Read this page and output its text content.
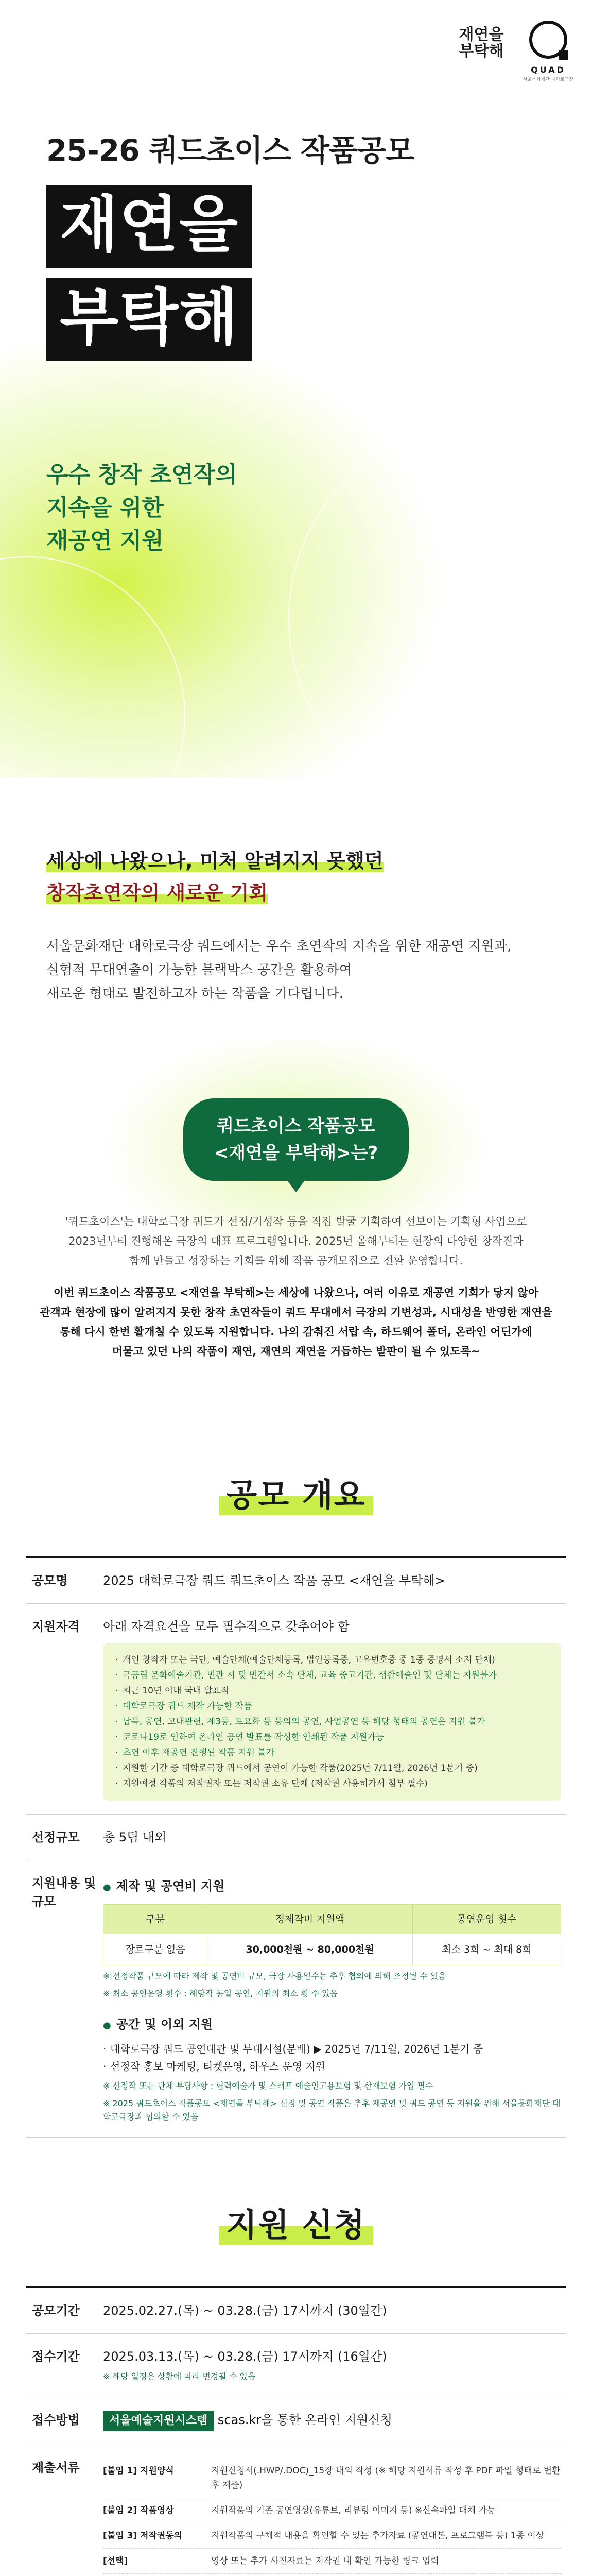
재연을
부탁해
QUAD
서울문화재단 대학로극장
25-26 쿼드초이스 작품공모
재연을
부탁해
우수 창작 초연작의
지속을 위한
재공연 지원
세상에 나왔으나, 미처 알려지지 못했던
창작초연작의 새로운 기회
서울문화재단 대학로극장 쿼드에서는 우수 초연작의 지속을 위한 재공연 지원과,
실험적 무대연출이 가능한 블랙박스 공간을 활용하여
새로운 형태로 발전하고자 하는 작품을 기다립니다.
쿼드초이스 작품공모
<재연을 부탁해>는?
'쿼드초이스'는 대학로극장 쿼드가 선정/기성작 등을 직접 발굴 기획하여 선보이는 기획형 사업으로
2023년부터 진행해온 극장의 대표 프로그램입니다. 2025년 올해부터는 현장의 다양한 창작진과
함께 만들고 성장하는 기회를 위해 작품 공개모집으로 전환 운영합니다.
이번 쿼드초이스 작품공모 <재연을 부탁해>는 세상에 나왔으나, 여러 이유로 재공연 기회가 닿지 않아
관객과 현장에 많이 알려지지 못한 창작 초연작들이 쿼드 무대에서 극장의 기변성과, 시대성을 반영한 재연을
통해 다시 한번 활개칠 수 있도록 지원합니다. 나의 감춰진 서랍 속, 하드웨어 폴더, 온라인 어딘가에
머물고 있던 나의 작품이 재연, 재연의 재연을 거듭하는 발판이 될 수 있도록~
공모 개요
공모명	2025 대학로극장 쿼드 쿼드초이스 작품 공모 <재연을 부탁해>
지원자격	아래 자격요건을 모두 필수적으로 갖추어야 함
· 개인 창작자 또는 극단, 예술단체(예술단체등록, 법인등록증, 고유번호증 중 1종 증명서 소지 단체)
· 국공립 문화예술기관, 민관 시 및 민간서 소속 단체, 교육 중고기관, 생활예술인 및 단체는 지원불가
· 최근 10년 이내 국내 발표작
· 대학로극장 쿼드 재작 가능한 작품
· 납득, 공연, 고내관련, 제3등, 토요화 등 등의의 공연, 사업공연 등 해당 형태의 공연은 지원 불가
· 코로나19로 인하여 온라인 공연 발표를 작성한 인쇄된 작품 지원가능
· 초연 이후 재공연 진행된 작품 지원 불가
· 지원한 기간 중 대학로극장 쿼드에서 공연이 가능한 작품(2025년 7/11월, 2026년 1분기 중)
· 지원예정 작품의 저작권자 또는 저작권 소유 단체 (저작권 사용허가서 첨부 필수)
선정규모	총 5팀 내외
지원내용 및 규모
● 제작 및 공연비 지원
구분	정제작비 지원액	공연운영 횟수
장르구분 없음	30,000천원 ~ 80,000천원	최소 3회 ~ 최대 8회
※ 선정작품 규모에 따라 제작 및 공연비 규모, 극장 사용일수는 추후 협의에 의해 조정될 수 있음
※ 최소 공연운영 횟수 : 해당작 동일 공연, 지원의 최소 횟 수 있음
● 공간 및 이외 지원
· 대학로극장 쿼드 공연대관 및 부대시설(분배) ▶ 2025년 7/11월, 2026년 1분기 중
· 선정작 홍보 마케팅, 티켓운영, 하우스 운영 지원
※ 선정작 또는 단체 부담사항 : 협력예술가 및 스태프 예술인고용보험 및 산재보험 가입 필수
※ 2025 쿼드초이스 작품공모 <재연을 부탁해> 선정 및 공연 작품은 추후 재공연 및 쿼드 공연 등 지원을 위해 서울문화재단 대학로극장과 협의할 수 있음
지원 신청
공모기간	2025.02.27.(목) ~ 03.28.(금) 17시까지 (30일간)
접수기간	2025.03.13.(목) ~ 03.28.(금) 17시까지 (16일간)
※ 해당 일정은 상황에 따라 변경될 수 있음
접수방법	서울예술지원시스템 scas.kr을 통한 온라인 지원신청
제출서류	[붙임 1] 지원양식	지원신청서(.HWP/.DOC)_15장 내외 작성 (※ 해당 지원서류 작성 후 PDF 파일 형태로 변환 후 제출)
[붙임 2] 작품영상	지원작품의 기존 공연영상(유튜브, 리뷰링 이미지 등) ※신속파일 대체 가능
[붙임 3] 저작권동의	지원작품의 구체적 내용을 확인할 수 있는 추가자료 (공연대본, 프로그램북 등) 1종 이상
[선택]	영상 또는 추가 사진자료는 저작권 내 확인 가능한 링크 입력
